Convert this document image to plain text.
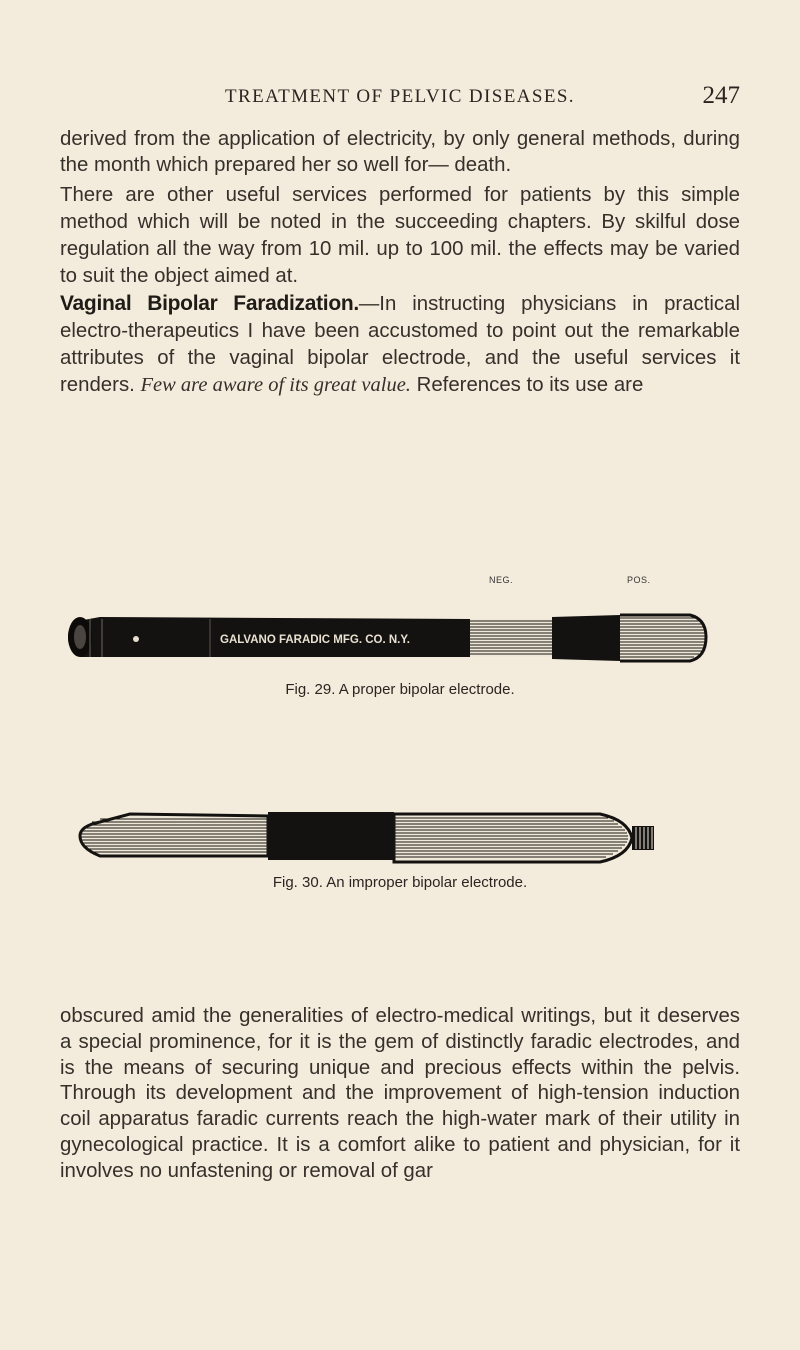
TREATMENT OF PELVIC DISEASES.	247

derived from the application of electricity, by only general methods, during the month which prepared her so well for— death.

There are other useful services performed for patients by this simple method which will be noted in the succeeding chapters. By skilful dose regulation all the way from 10 mil. up to 100 mil. the effects may be varied to suit the object aimed at.

Vaginal Bipolar Faradization.—In instructing physicians in practical electro-therapeutics I have been accustomed to point out the remarkable attributes of the vaginal bipolar electrode, and the useful services it renders. Few are aware of its great value. References to its use are

NEG.	POS.
GALVANO FARADIC MFG. CO. N.Y.
Fig. 29. A proper bipolar electrode.
Fig. 30. An improper bipolar electrode.

obscured amid the generalities of electro-medical writings, but it deserves a special prominence, for it is the gem of distinctly faradic electrodes, and is the means of securing unique and precious effects within the pelvis. Through its development and the improvement of high-tension induction coil apparatus faradic currents reach the high-water mark of their utility in gynecological practice. It is a comfort alike to patient and physician, for it involves no unfastening or removal of gar
